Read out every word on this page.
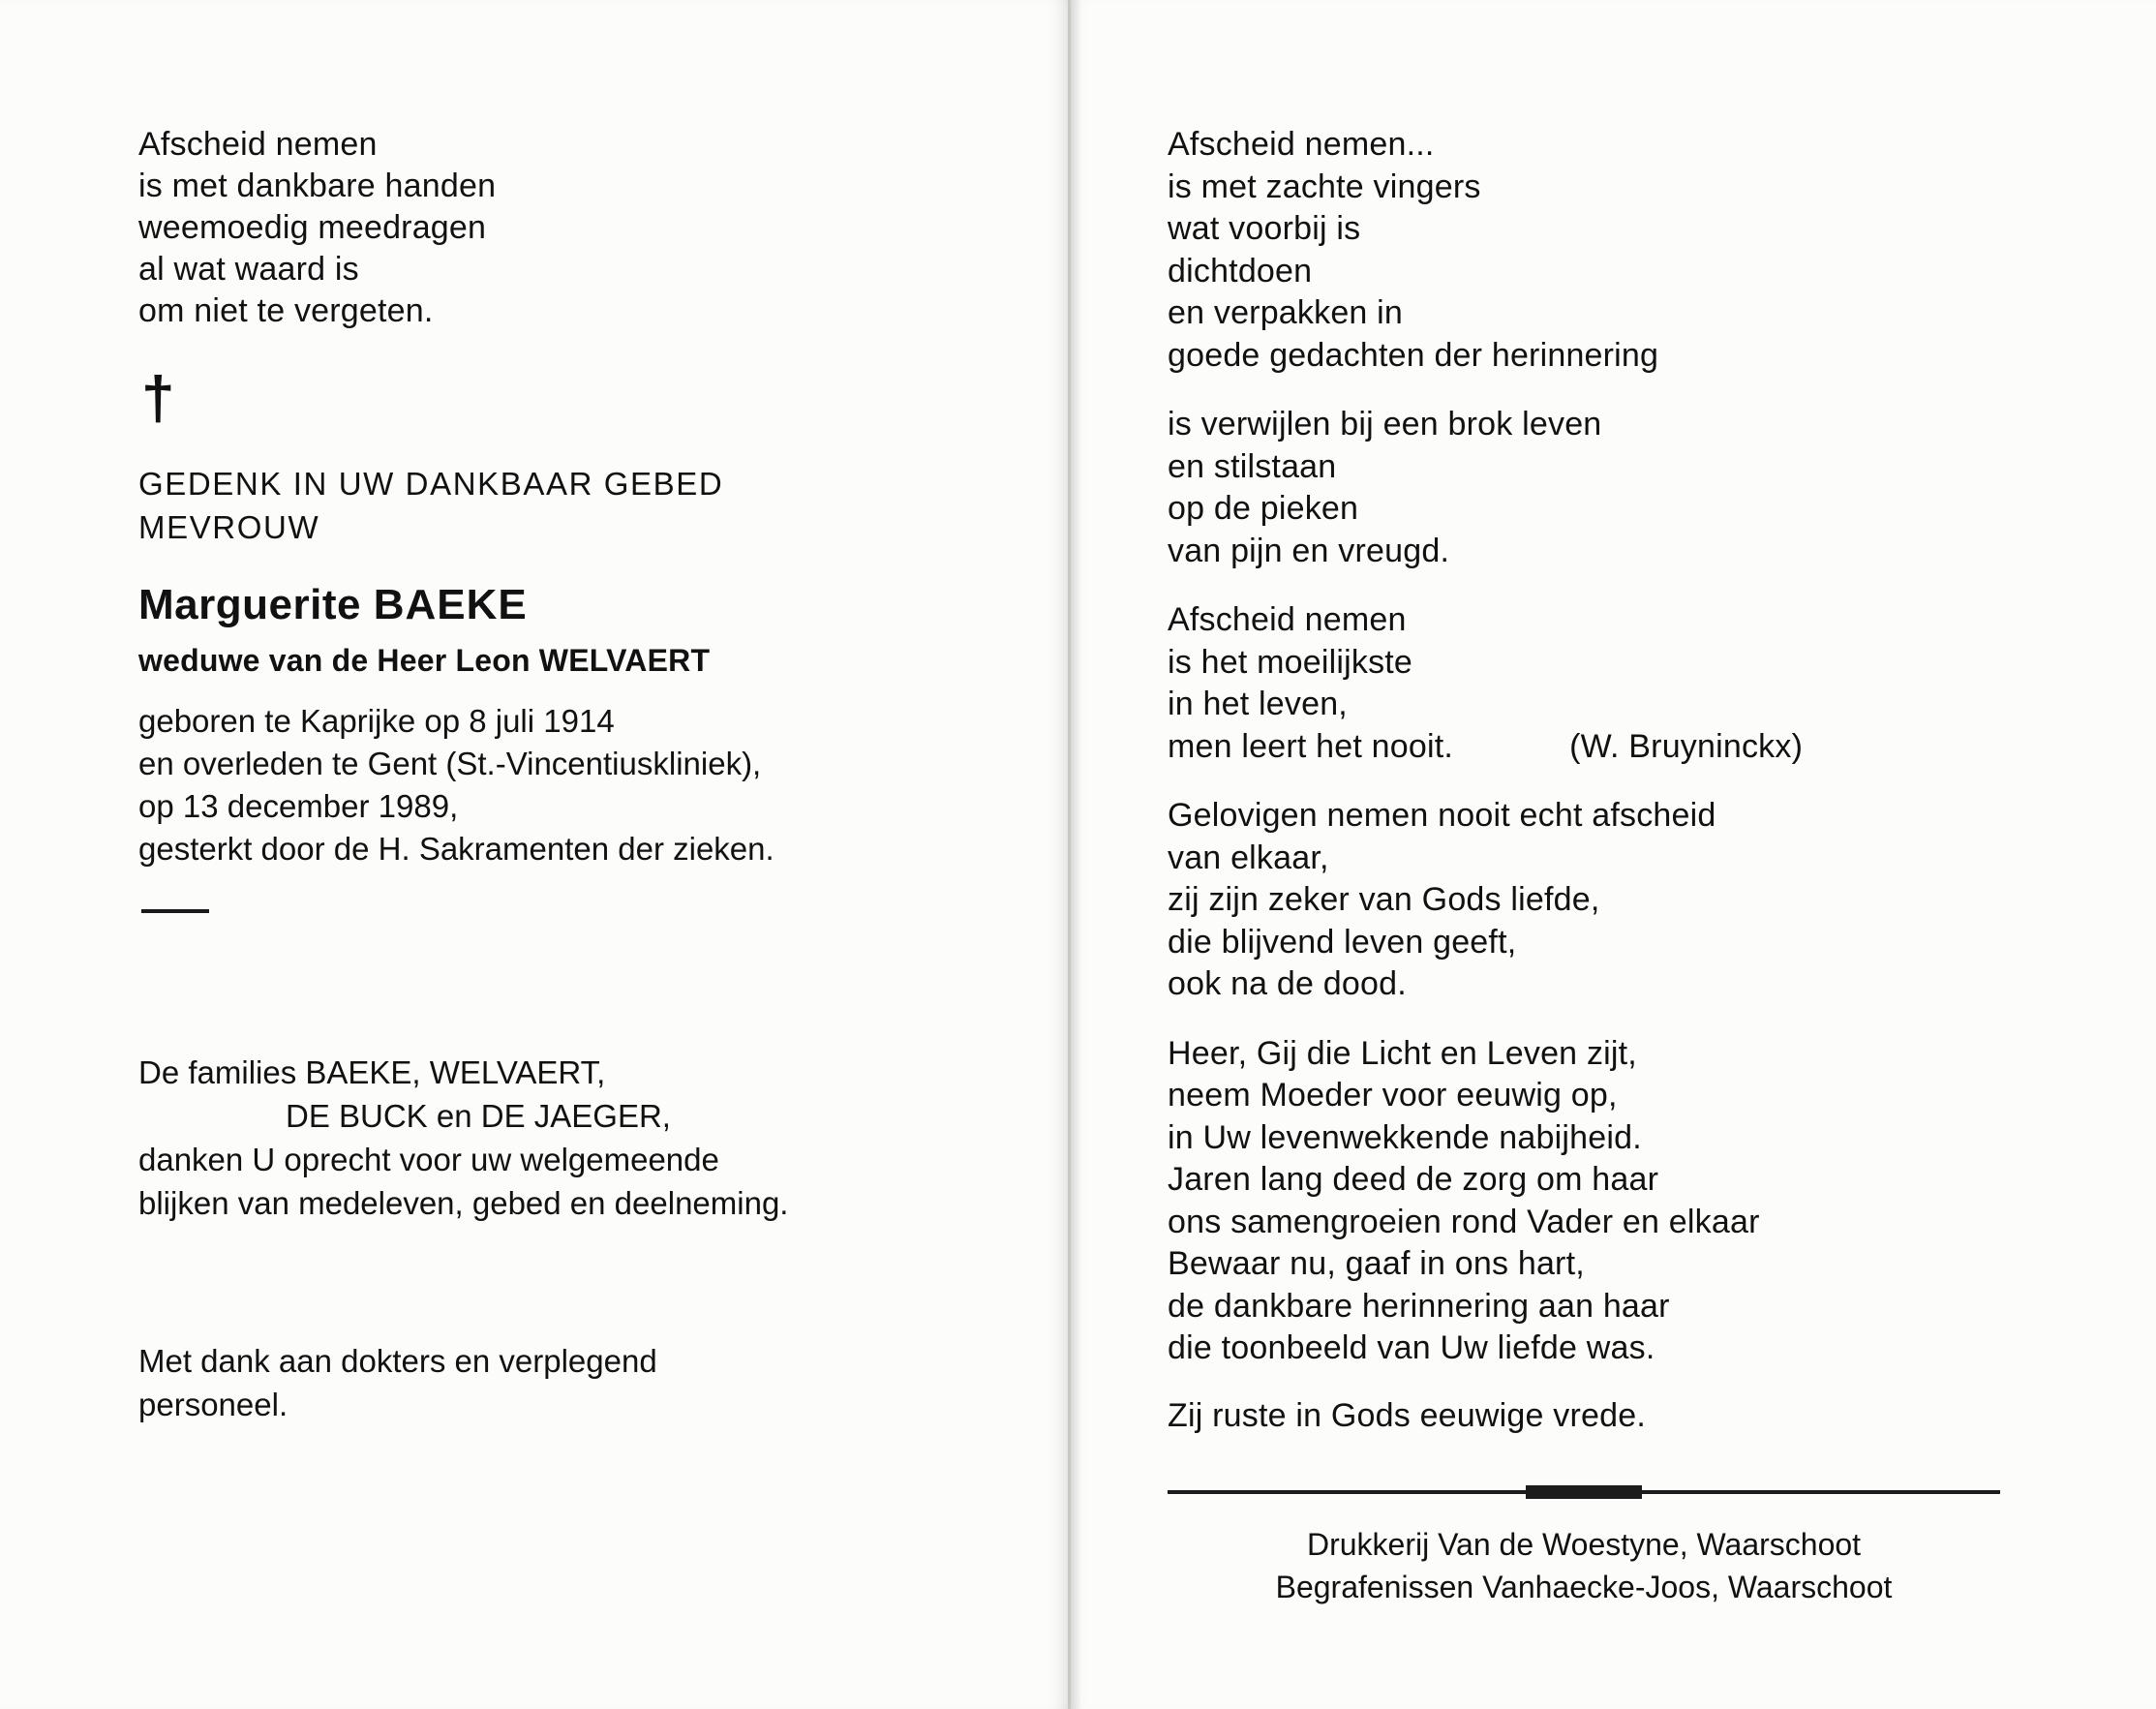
Afscheid nemen
is met dankbare handen
weemoedig meedragen
al wat waard is
om niet te vergeten.
†
GEDENK IN UW DANKBAAR GEBED
MEVROUW
Marguerite BAEKE
weduwe van de Heer Leon WELVAERT
geboren te Kaprijke op 8 juli 1914
en overleden te Gent (St.-Vincentiuskliniek),
op 13 december 1989,
gesterkt door de H. Sakramenten der zieken.
De families BAEKE, WELVAERT,
DE BUCK en DE JAEGER,
danken U oprecht voor uw welgemeende
blijken van medeleven, gebed en deelneming.
Met dank aan dokters en verplegend
personeel.
Afscheid nemen...
is met zachte vingers
wat voorbij is
dichtdoen
en verpakken in
goede gedachten der herinnering
is verwijlen bij een brok leven
en stilstaan
op de pieken
van pijn en vreugd.
Afscheid nemen
is het moeilijkste
in het leven,
men leert het nooit.	(W. Bruyninckx)
Gelovigen nemen nooit echt afscheid
van elkaar,
zij zijn zeker van Gods liefde,
die blijvend leven geeft,
ook na de dood.
Heer, Gij die Licht en Leven zijt,
neem Moeder voor eeuwig op,
in Uw levenwekkende nabijheid.
Jaren lang deed de zorg om haar
ons samengroeien rond Vader en elkaar
Bewaar nu, gaaf in ons hart,
de dankbare herinnering aan haar
die toonbeeld van Uw liefde was.
Zij ruste in Gods eeuwige vrede.
Drukkerij Van de Woestyne, Waarschoot
Begrafenissen Vanhaecke-Joos, Waarschoot
